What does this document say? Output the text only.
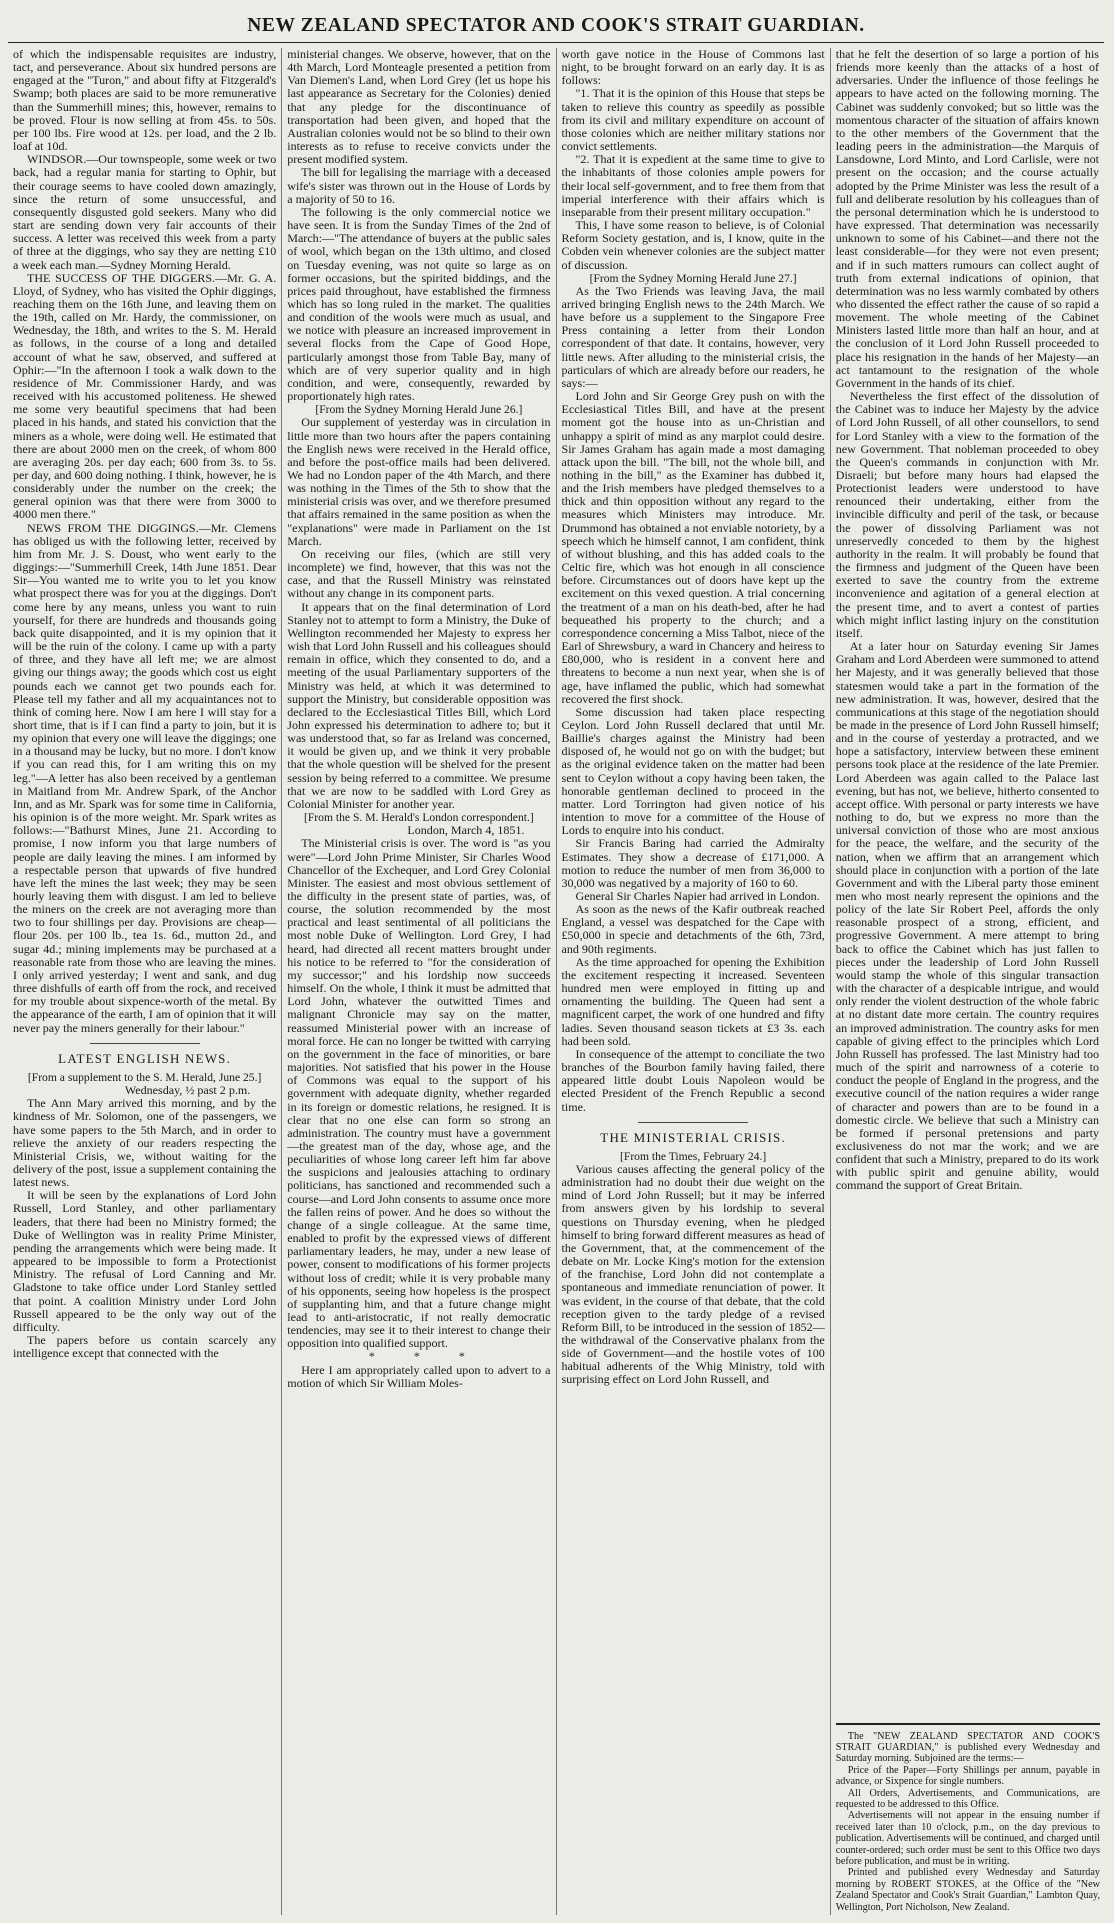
NEW ZEALAND SPECTATOR AND COOK'S STRAIT GUARDIAN.

of which the indispensable requisites are industry, tact, and perseverance. About six hundred persons are engaged at the "Turon," and about fifty at Fitzgerald's Swamp; both places are said to be more remunerative than the Summerhill mines; this, however, remains to be proved. Flour is now selling at from 45s. to 50s. per 100 lbs. Fire wood at 12s. per load, and the 2 lb. loaf at 10d.

WINDSOR.—Our townspeople, some week or two back, had a regular mania for starting to Ophir, but their courage seems to have cooled down amazingly, since the return of some unsuccessful, and consequently disgusted gold seekers. Many who did start are sending down very fair accounts of their success. A letter was received this week from a party of three at the diggings, who say they are netting £10 a week each man.—Sydney Morning Herald.

THE SUCCESS OF THE DIGGERS.—Mr. G. A. Lloyd, of Sydney, who has visited the Ophir diggings, reaching them on the 16th June, and leaving them on the 19th, called on Mr. Hardy, the commissioner, on Wednesday, the 18th, and writes to the S. M. Herald as follows, in the course of a long and detailed account of what he saw, observed, and suffered at Ophir:—"In the afternoon I took a walk down to the residence of Mr. Commissioner Hardy, and was received with his accustomed politeness. He shewed me some very beautiful specimens that had been placed in his hands, and stated his conviction that the miners as a whole, were doing well. He estimated that there are about 2000 men on the creek, of whom 800 are averaging 20s. per day each; 600 from 3s. to 5s. per day, and 600 doing nothing. I think, however, he is considerably under the number on the creek; the general opinion was that there were from 3000 to 4000 men there."

NEWS FROM THE DIGGINGS.—Mr. Clemens has obliged us with the following letter, received by him from Mr. J. S. Doust, who went early to the diggings:—"Summerhill Creek, 14th June 1851. Dear Sir—You wanted me to write you to let you know what prospect there was for you at the diggings. Don't come here by any means, unless you want to ruin yourself, for there are hundreds and thousands going back quite disappointed, and it is my opinion that it will be the ruin of the colony. I came up with a party of three, and they have all left me; we are almost giving our things away; the goods which cost us eight pounds each we cannot get two pounds each for. Please tell my father and all my acquaintances not to think of coming here. Now I am here I will stay for a short time, that is if I can find a party to join, but it is my opinion that every one will leave the diggings; one in a thousand may be lucky, but no more. I don't know if you can read this, for I am writing this on my leg."—A letter has also been received by a gentleman in Maitland from Mr. Andrew Spark, of the Anchor Inn, and as Mr. Spark was for some time in California, his opinion is of the more weight. Mr. Spark writes as follows:—"Bathurst Mines, June 21. According to promise, I now inform you that large numbers of people are daily leaving the mines. I am informed by a respectable person that upwards of five hundred have left the mines the last week; they may be seen hourly leaving them with disgust. I am led to believe the miners on the creek are not averaging more than two to four shillings per day. Provisions are cheap—flour 20s. per 100 lb., tea 1s. 6d., mutton 2d., and sugar 4d.; mining implements may be purchased at a reasonable rate from those who are leaving the mines. I only arrived yesterday; I went and sank, and dug three dishfulls of earth off from the rock, and received for my trouble about sixpence-worth of the metal. By the appearance of the earth, I am of opinion that it will never pay the miners generally for their labour."

LATEST ENGLISH NEWS.

[From a supplement to the S. M. Herald, June 25.]

Wednesday, ½ past 2 p.m.

The Ann Mary arrived this morning, and by the kindness of Mr. Solomon, one of the passengers, we have some papers to the 5th March, and in order to relieve the anxiety of our readers respecting the Ministerial Crisis, we, without waiting for the delivery of the post, issue a supplement containing the latest news.

It will be seen by the explanations of Lord John Russell, Lord Stanley, and other parliamentary leaders, that there had been no Ministry formed; the Duke of Wellington was in reality Prime Minister, pending the arrangements which were being made. It appeared to be impossible to form a Protectionist Ministry. The refusal of Lord Canning and Mr. Gladstone to take office under Lord Stanley settled that point. A coalition Ministry under Lord John Russell appeared to be the only way out of the difficulty.

The papers before us contain scarcely any intelligence except that connected with the

ministerial changes. We observe, however, that on the 4th March, Lord Monteagle presented a petition from Van Diemen's Land, when Lord Grey (let us hope his last appearance as Secretary for the Colonies) denied that any pledge for the discontinuance of transportation had been given, and hoped that the Australian colonies would not be so blind to their own interests as to refuse to receive convicts under the present modified system.

The bill for legalising the marriage with a deceased wife's sister was thrown out in the House of Lords by a majority of 50 to 16.

The following is the only commercial notice we have seen. It is from the Sunday Times of the 2nd of March:—"The attendance of buyers at the public sales of wool, which began on the 13th ultimo, and closed on Tuesday evening, was not quite so large as on former occasions, but the spirited biddings, and the prices paid throughout, have established the firmness which has so long ruled in the market. The qualities and condition of the wools were much as usual, and we notice with pleasure an increased improvement in several flocks from the Cape of Good Hope, particularly amongst those from Table Bay, many of which are of very superior quality and in high condition, and were, consequently, rewarded by proportionately high rates.

[From the Sydney Morning Herald June 26.]

Our supplement of yesterday was in circulation in little more than two hours after the papers containing the English news were received in the Herald office, and before the post-office mails had been delivered. We had no London paper of the 4th March, and there was nothing in the Times of the 5th to show that the ministerial crisis was over, and we therefore presumed that affairs remained in the same position as when the "explanations" were made in Parliament on the 1st March.

On receiving our files, (which are still very incomplete) we find, however, that this was not the case, and that the Russell Ministry was reinstated without any change in its component parts.

It appears that on the final determination of Lord Stanley not to attempt to form a Ministry, the Duke of Wellington recommended her Majesty to express her wish that Lord John Russell and his colleagues should remain in office, which they consented to do, and a meeting of the usual Parliamentary supporters of the Ministry was held, at which it was determined to support the Ministry, but considerable opposition was declared to the Ecclesiastical Titles Bill, which Lord John expressed his determination to adhere to; but it was understood that, so far as Ireland was concerned, it would be given up, and we think it very probable that the whole question will be shelved for the present session by being referred to a committee. We presume that we are now to be saddled with Lord Grey as Colonial Minister for another year.

[From the S. M. Herald's London correspondent.]

London, March 4, 1851.

The Ministerial crisis is over. The word is "as you were"—Lord John Prime Minister, Sir Charles Wood Chancellor of the Exchequer, and Lord Grey Colonial Minister. The easiest and most obvious settlement of the difficulty in the present state of parties, was, of course, the solution recommended by the most practical and least sentimental of all politicians the most noble Duke of Wellington. Lord Grey, I had heard, had directed all recent matters brought under his notice to be referred to "for the consideration of my successor;" and his lordship now succeeds himself. On the whole, I think it must be admitted that Lord John, whatever the outwitted Times and malignant Chronicle may say on the matter, reassumed Ministerial power with an increase of moral force. He can no longer be twitted with carrying on the government in the face of minorities, or bare majorities. Not satisfied that his power in the House of Commons was equal to the support of his government with adequate dignity, whether regarded in its foreign or domestic relations, he resigned. It is clear that no one else can form so strong an administration. The country must have a government—the greatest man of the day, whose age, and the peculiarities of whose long career left him far above the suspicions and jealousies attaching to ordinary politicians, has sanctioned and recommended such a course—and Lord John consents to assume once more the fallen reins of power. And he does so without the change of a single colleague. At the same time, enabled to profit by the expressed views of different parliamentary leaders, he may, under a new lease of power, consent to modifications of his former projects without loss of credit; while it is very probable many of his opponents, seeing how hopeless is the prospect of supplanting him, and that a future change might lead to anti-aristocratic, if not really democratic tendencies, may see it to their interest to change their opposition into qualified support.

* * *

Here I am appropriately called upon to advert to a motion of which Sir William Moles-

worth gave notice in the House of Commons last night, to be brought forward on an early day. It is as follows:

"1. That it is the opinion of this House that steps be taken to relieve this country as speedily as possible from its civil and military expenditure on account of those colonies which are neither military stations nor convict settlements.

"2. That it is expedient at the same time to give to the inhabitants of those colonies ample powers for their local self-government, and to free them from that imperial interference with their affairs which is inseparable from their present military occupation."

This, I have some reason to believe, is of Colonial Reform Society gestation, and is, I know, quite in the Cobden vein whenever colonies are the subject matter of discussion.

[From the Sydney Morning Herald June 27.]

As the Two Friends was leaving Java, the mail arrived bringing English news to the 24th March. We have before us a supplement to the Singapore Free Press containing a letter from their London correspondent of that date. It contains, however, very little news. After alluding to the ministerial crisis, the particulars of which are already before our readers, he says:—

Lord John and Sir George Grey push on with the Ecclesiastical Titles Bill, and have at the present moment got the house into as un-Christian and unhappy a spirit of mind as any marplot could desire. Sir James Graham has again made a most damaging attack upon the bill. "The bill, not the whole bill, and nothing in the bill," as the Examiner has dubbed it, and the Irish members have pledged themselves to a thick and thin opposition without any regard to the measures which Ministers may introduce. Mr. Drummond has obtained a not enviable notoriety, by a speech which he himself cannot, I am confident, think of without blushing, and this has added coals to the Celtic fire, which was hot enough in all conscience before. Circumstances out of doors have kept up the excitement on this vexed question. A trial concerning the treatment of a man on his death-bed, after he had bequeathed his property to the church; and a correspondence concerning a Miss Talbot, niece of the Earl of Shrewsbury, a ward in Chancery and heiress to £80,000, who is resident in a convent here and threatens to become a nun next year, when she is of age, have inflamed the public, which had somewhat recovered the first shock.

Some discussion had taken place respecting Ceylon. Lord John Russell declared that until Mr. Baillie's charges against the Ministry had been disposed of, he would not go on with the budget; but as the original evidence taken on the matter had been sent to Ceylon without a copy having been taken, the honorable gentleman declined to proceed in the matter. Lord Torrington had given notice of his intention to move for a committee of the House of Lords to enquire into his conduct.

Sir Francis Baring had carried the Admiralty Estimates. They show a decrease of £171,000. A motion to reduce the number of men from 36,000 to 30,000 was negatived by a majority of 160 to 60.

General Sir Charles Napier had arrived in London.

As soon as the news of the Kafir outbreak reached England, a vessel was despatched for the Cape with £50,000 in specie and detachments of the 6th, 73rd, and 90th regiments.

As the time approached for opening the Exhibition the excitement respecting it increased. Seventeen hundred men were employed in fitting up and ornamenting the building. The Queen had sent a magnificent carpet, the work of one hundred and fifty ladies. Seven thousand season tickets at £3 3s. each had been sold.

In consequence of the attempt to conciliate the two branches of the Bourbon family having failed, there appeared little doubt Louis Napoleon would be elected President of the French Republic a second time.

THE MINISTERIAL CRISIS.

[From the Times, February 24.]

Various causes affecting the general policy of the administration had no doubt their due weight on the mind of Lord John Russell; but it may be inferred from answers given by his lordship to several questions on Thursday evening, when he pledged himself to bring forward different measures as head of the Government, that, at the commencement of the debate on Mr. Locke King's motion for the extension of the franchise, Lord John did not contemplate a spontaneous and immediate renunciation of power. It was evident, in the course of that debate, that the cold reception given to the tardy pledge of a revised Reform Bill, to be introduced in the session of 1852—the withdrawal of the Conservative phalanx from the side of Government—and the hostile votes of 100 habitual adherents of the Whig Ministry, told with surprising effect on Lord John Russell, and

that he felt the desertion of so large a portion of his friends more keenly than the attacks of a host of adversaries. Under the influence of those feelings he appears to have acted on the following morning. The Cabinet was suddenly convoked; but so little was the momentous character of the situation of affairs known to the other members of the Government that the leading peers in the administration—the Marquis of Lansdowne, Lord Minto, and Lord Carlisle, were not present on the occasion; and the course actually adopted by the Prime Minister was less the result of a full and deliberate resolution by his colleagues than of the personal determination which he is understood to have expressed. That determination was necessarily unknown to some of his Cabinet—and there not the least considerable—for they were not even present; and if in such matters rumours can collect aught of truth from external indications of opinion, that determination was no less warmly combated by others who dissented the effect rather the cause of so rapid a movement. The whole meeting of the Cabinet Ministers lasted little more than half an hour, and at the conclusion of it Lord John Russell proceeded to place his resignation in the hands of her Majesty—an act tantamount to the resignation of the whole Government in the hands of its chief.

Nevertheless the first effect of the dissolution of the Cabinet was to induce her Majesty by the advice of Lord John Russell, of all other counsellors, to send for Lord Stanley with a view to the formation of the new Government. That nobleman proceeded to obey the Queen's commands in conjunction with Mr. Disraeli; but before many hours had elapsed the Protectionist leaders were understood to have renounced their undertaking, either from the invincible difficulty and peril of the task, or because the power of dissolving Parliament was not unreservedly conceded to them by the highest authority in the realm. It will probably be found that the firmness and judgment of the Queen have been exerted to save the country from the extreme inconvenience and agitation of a general election at the present time, and to avert a contest of parties which might inflict lasting injury on the constitution itself.

At a later hour on Saturday evening Sir James Graham and Lord Aberdeen were summoned to attend her Majesty, and it was generally believed that those statesmen would take a part in the formation of the new administration. It was, however, desired that the communications at this stage of the negotiation should be made in the presence of Lord John Russell himself; and in the course of yesterday a protracted, and we hope a satisfactory, interview between these eminent persons took place at the residence of the late Premier. Lord Aberdeen was again called to the Palace last evening, but has not, we believe, hitherto consented to accept office. With personal or party interests we have nothing to do, but we express no more than the universal conviction of those who are most anxious for the peace, the welfare, and the security of the nation, when we affirm that an arrangement which should place in conjunction with a portion of the late Government and with the Liberal party those eminent men who most nearly represent the opinions and the policy of the late Sir Robert Peel, affords the only reasonable prospect of a strong, efficient, and progressive Government. A mere attempt to bring back to office the Cabinet which has just fallen to pieces under the leadership of Lord John Russell would stamp the whole of this singular transaction with the character of a despicable intrigue, and would only render the violent destruction of the whole fabric at no distant date more certain. The country requires an improved administration. The country asks for men capable of giving effect to the principles which Lord John Russell has professed. The last Ministry had too much of the spirit and narrowness of a coterie to conduct the people of England in the progress, and the executive council of the nation requires a wider range of character and powers than are to be found in a domestic circle. We believe that such a Ministry can be formed if personal pretensions and party exclusiveness do not mar the work; and we are confident that such a Ministry, prepared to do its work with public spirit and genuine ability, would command the support of Great Britain.

The "NEW ZEALAND SPECTATOR AND COOK'S STRAIT GUARDIAN," is published every Wednesday and Saturday morning. Subjoined are the terms:—

Price of the Paper—Forty Shillings per annum, payable in advance, or Sixpence for single numbers.

All Orders, Advertisements, and Communications, are requested to be addressed to this Office.

Advertisements will not appear in the ensuing number if received later than 10 o'clock, p.m., on the day previous to publication. Advertisements will be continued, and charged until counter-ordered; such order must be sent to this Office two days before publication, and must be in writing.

Printed and published every Wednesday and Saturday morning by ROBERT STOKES, at the Office of the "New Zealand Spectator and Cook's Strait Guardian," Lambton Quay, Wellington, Port Nicholson, New Zealand.
